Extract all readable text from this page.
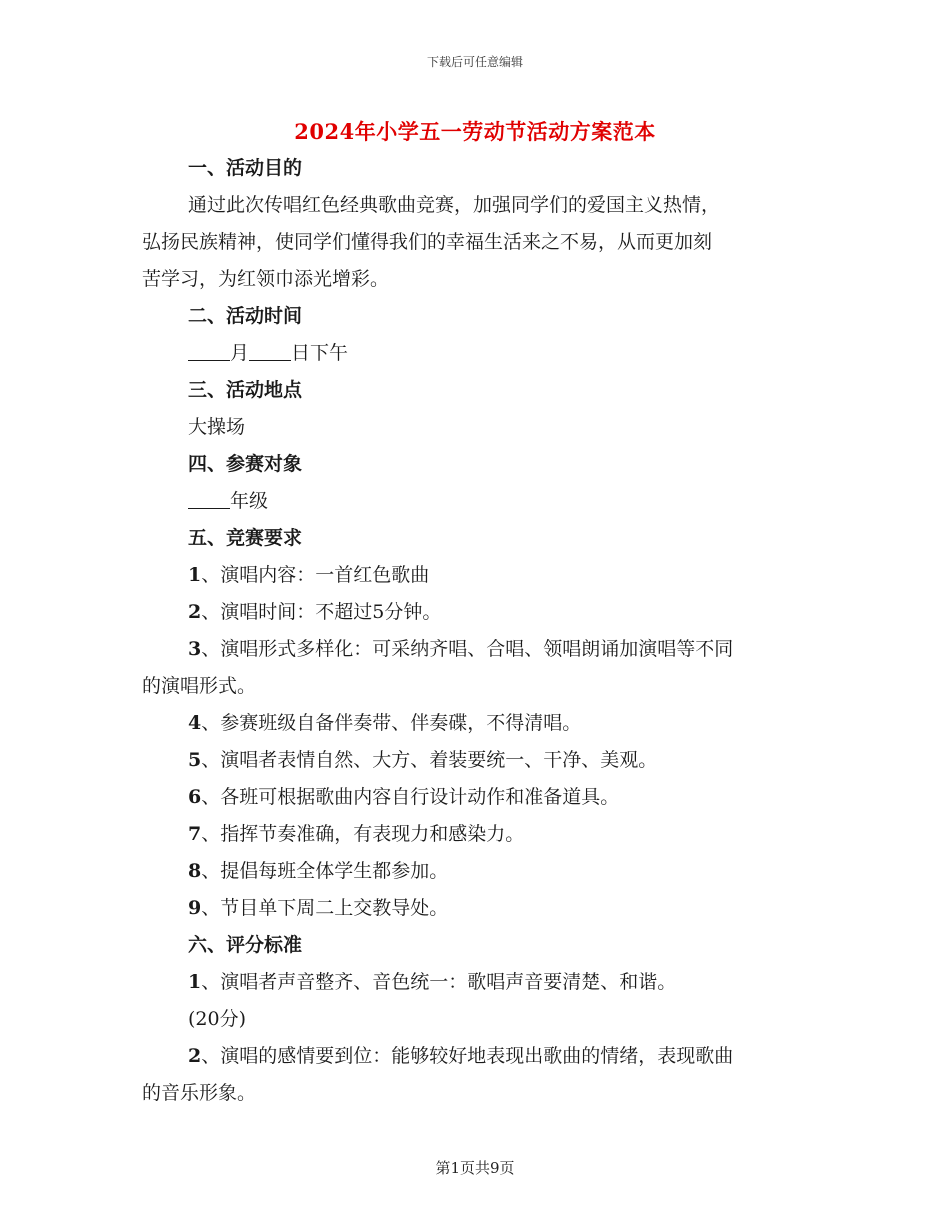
下载后可任意编辑
2024年小学五一劳动节活动方案范本
一、活动目的
通过此次传唱红色经典歌曲竞赛，加强同学们的爱国主义热情，
弘扬民族精神，使同学们懂得我们的幸福生活来之不易，从而更加刻
苦学习，为红领巾添光增彩。
二、活动时间
月 日下午
三、活动地点
大操场
四、参赛对象
年级
五、竞赛要求
1、演唱内容：一首红色歌曲
2、演唱时间：不超过5分钟。
3、演唱形式多样化：可采纳齐唱、合唱、领唱朗诵加演唱等不同
的演唱形式。
4、参赛班级自备伴奏带、伴奏碟，不得清唱。
5、演唱者表情自然、大方、着装要统一、干净、美观。
6、各班可根据歌曲内容自行设计动作和准备道具。
7、指挥节奏准确，有表现力和感染力。
8、提倡每班全体学生都参加。
9、节目单下周二上交教导处。
六、评分标准
1、演唱者声音整齐、音色统一：歌唱声音要清楚、和谐。
(20分)
2、演唱的感情要到位：能够较好地表现出歌曲的情绪，表现歌曲
的音乐形象。
第1页共9页
